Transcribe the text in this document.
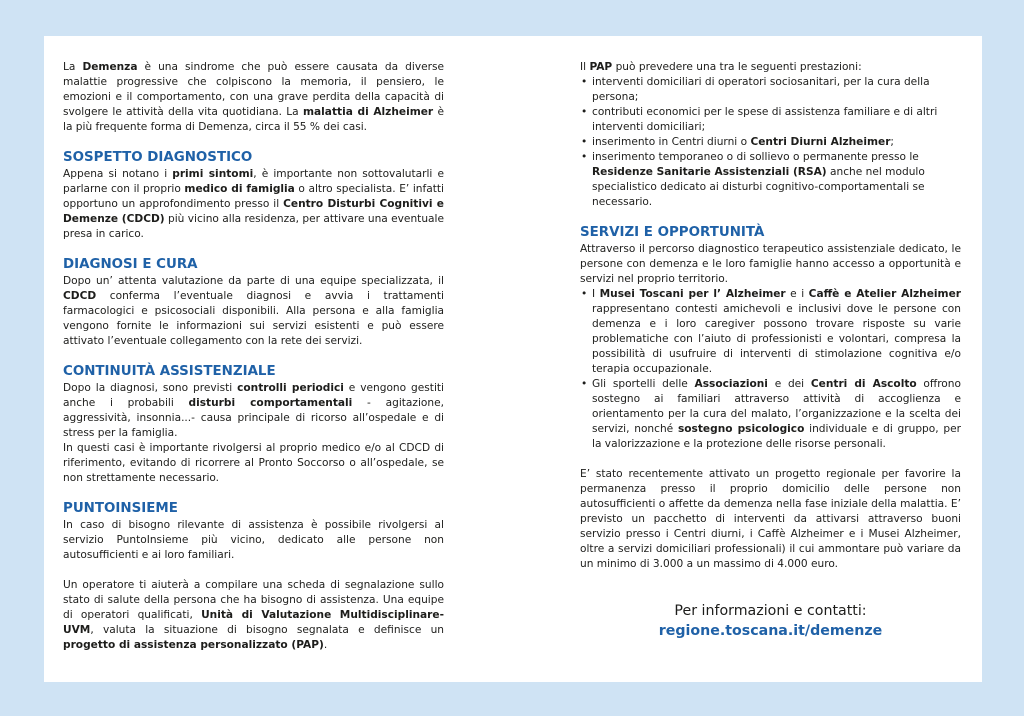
La Demenza è una sindrome che può essere causata da diverse malattie progressive che colpiscono la memoria, il pensiero, le emozioni e il comportamento, con una grave perdita della capacità di svolgere le attività della vita quotidiana. La malattia di Alzheimer è la più frequente forma di Demenza, circa il 55 % dei casi.

SOSPETTO DIAGNOSTICO

Appena si notano i primi sintomi, è importante non sottovalutarli e parlarne con il proprio medico di famiglia o altro specialista. E’ infatti opportuno un approfondimento presso il Centro Disturbi Cognitivi e Demenze (CDCD) più vicino alla residenza, per attivare una eventuale presa in carico.

DIAGNOSI E CURA

Dopo un’ attenta valutazione da parte di una equipe specializzata, il CDCD conferma l’eventuale diagnosi e avvia i trattamenti farmacologici e psicosociali disponibili. Alla persona e alla famiglia vengono fornite le informazioni sui servizi esistenti e può essere attivato l’eventuale collegamento con la rete dei servizi.

CONTINUITÀ ASSISTENZIALE

Dopo la diagnosi, sono previsti controlli periodici e vengono gestiti anche i probabili disturbi comportamentali - agitazione, aggressività, insonnia...- causa principale di ricorso all’ospedale e di stress per la famiglia.

In questi casi è importante rivolgersi al proprio medico e/o al CDCD di riferimento, evitando di ricorrere al Pronto Soccorso o all’ospedale, se non strettamente necessario.

PUNTOINSIEME

In caso di bisogno rilevante di assistenza è possibile rivolgersi al servizio PuntoInsieme più vicino, dedicato alle persone non autosufficienti e ai loro familiari.

Un operatore ti aiuterà a compilare una scheda di segnalazione sullo stato di salute della persona che ha bisogno di assistenza. Una equipe di operatori qualificati, Unità di Valutazione Multidisciplinare-UVM, valuta la situazione di bisogno segnalata e definisce un progetto di assistenza personalizzato (PAP).

Il PAP può prevedere una tra le seguenti prestazioni:

• interventi domiciliari di operatori sociosanitari, per la cura della persona;
• contributi economici per le spese di assistenza familiare e di altri interventi domiciliari;
• inserimento in Centri diurni o Centri Diurni Alzheimer;
• inserimento temporaneo o di sollievo o permanente presso le Residenze Sanitarie Assistenziali (RSA) anche nel modulo specialistico dedicato ai disturbi cognitivo-comportamentali se necessario.
SERVIZI E OPPORTUNITÀ

Attraverso il percorso diagnostico terapeutico assistenziale dedicato, le persone con demenza e le loro famiglie hanno accesso a opportunità e servizi nel proprio territorio.

• I Musei Toscani per l’ Alzheimer e i Caffè e Atelier Alzheimer rappresentano contesti amichevoli e inclusivi dove le persone con demenza e i loro caregiver possono trovare risposte su varie problematiche con l’aiuto di professionisti e volontari, compresa la possibilità di usufruire di interventi di stimolazione cognitiva e/o terapia occupazionale.
• Gli sportelli delle Associazioni e dei Centri di Ascolto offrono sostegno ai familiari attraverso attività di accoglienza e orientamento per la cura del malato, l’organizzazione e la scelta dei servizi, nonché sostegno psicologico individuale e di gruppo, per la valorizzazione e la protezione delle risorse personali.

E’ stato recentemente attivato un progetto regionale per favorire la permanenza presso il proprio domicilio delle persone non autosufficienti o affette da demenza nella fase iniziale della malattia. E’ previsto un pacchetto di interventi da attivarsi attraverso buoni servizio presso i Centri diurni, i Caffè Alzheimer e i Musei Alzheimer, oltre a servizi domiciliari professionali) il cui ammontare può variare da un minimo di 3.000 a un massimo di 4.000 euro.

Per informazioni e contatti:
regione.toscana.it/demenze
